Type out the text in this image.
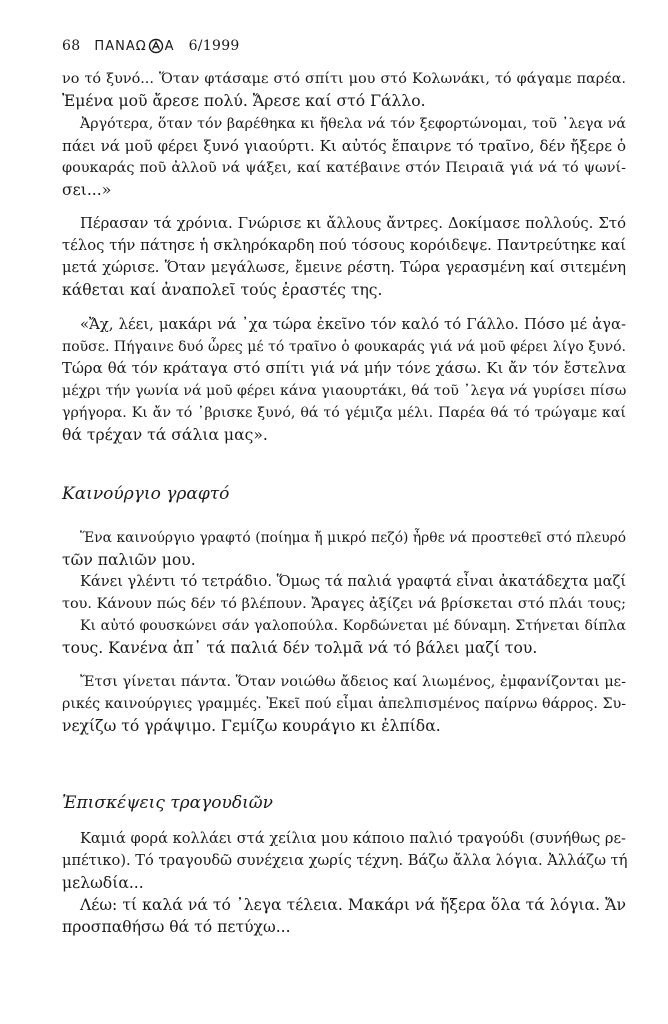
68 ΠΑΝΑΩ Α 6/1999
νο τό ξυνό... Ὅταν φτάσαμε στό σπίτι μου στό Κολωνάκι, τό φάγαμε παρέα.
Ἐμένα μοῦ ἄρεσε πολύ. Ἄρεσε καί στό Γάλλο.
Ἀργότερα, ὅταν τόν βαρέθηκα κι ἤθελα νά τόν ξεφορτώνομαι, τοῦ ᾽λεγα νά
πάει νά μοῦ φέρει ξυνό γιαούρτι. Κι αὐτός ἔπαιρνε τό τραῖνο, δέν ἤξερε ὁ
φουκαράς ποῦ ἀλλοῦ νά ψάξει, καί κατέβαινε στόν Πειραιᾶ γιά νά τό ψωνί-
σει...»
Πέρασαν τά χρόνια. Γνώρισε κι ἄλλους ἄντρες. Δοκίμασε πολλούς. Στό
τέλος τήν πάτησε ἡ σκληρόκαρδη πού τόσους κορόιδεψε. Παντρεύτηκε καί
μετά χώρισε. Ὅταν μεγάλωσε, ἔμεινε ρέστη. Τώρα γερασμένη καί σιτεμένη
κάθεται καί ἀναπολεῖ τούς ἐραστές της.
«Ἄχ, λέει, μακάρι νά ᾽χα τώρα ἐκεῖνο τόν καλό τό Γάλλο. Πόσο μέ ἀγα-
ποῦσε. Πήγαινε δυό ὧρες μέ τό τραῖνο ὁ φουκαράς γιά νά μοῦ φέρει λίγο ξυνό.
Τώρα θά τόν κράταγα στό σπίτι γιά νά μήν τόνε χάσω. Κι ἄν τόν ἔστελνα
μέχρι τήν γωνία νά μοῦ φέρει κάνα γιαουρτάκι, θά τοῦ ᾽λεγα νά γυρίσει πίσω
γρήγορα. Κι ἄν τό ᾽βρισκε ξυνό, θά τό γέμιζα μέλι. Παρέα θά τό τρώγαμε καί
θά τρέχαν τά σάλια μας».
Καινούργιο γραφτό
Ἕνα καινούργιο γραφτό (ποίημα ἤ μικρό πεζό) ἦρθε νά προστεθεῖ στό πλευρό
τῶν παλιῶν μου.
Κάνει γλέντι τό τετράδιο. Ὅμως τά παλιά γραφτά εἶναι ἀκατάδεχτα μαζί
του. Κάνουν πώς δέν τό βλέπουν. Ἄραγες ἀξίζει νά βρίσκεται στό πλάι τους;
Κι αὐτό φουσκώνει σάν γαλοπούλα. Κορδώνεται μέ δύναμη. Στήνεται δίπλα
τους. Κανένα ἀπ᾽ τά παλιά δέν τολμᾶ νά τό βάλει μαζί του.
Ἔτσι γίνεται πάντα. Ὅταν νοιώθω ἄδειος καί λιωμένος, ἐμφανίζονται με-
ρικές καινούργιες γραμμές. Ἐκεῖ πού εἶμαι ἀπελπισμένος παίρνω θάρρος. Συ-
νεχίζω τό γράψιμο. Γεμίζω κουράγιο κι ἐλπίδα.
Ἐπισκέψεις τραγουδιῶν
Καμιά φορά κολλάει στά χείλια μου κάποιο παλιό τραγούδι (συνήθως ρε-
μπέτικο). Τό τραγουδῶ συνέχεια χωρίς τέχνη. Βάζω ἄλλα λόγια. Ἀλλάζω τή
μελωδία...
Λέω: τί καλά νά τό ᾽λεγα τέλεια. Μακάρι νά ἤξερα ὅλα τά λόγια. Ἄν
προσπαθήσω θά τό πετύχω...
